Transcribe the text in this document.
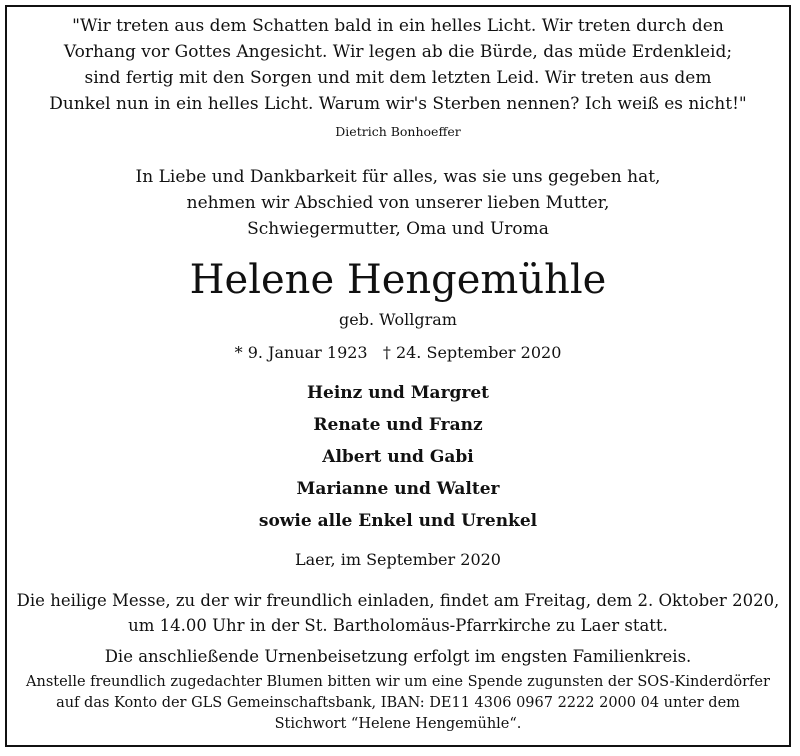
"Wir treten aus dem Schatten bald in ein helles Licht. Wir treten durch den
Vorhang vor Gottes Angesicht. Wir legen ab die Bürde, das müde Erdenkleid;
sind fertig mit den Sorgen und mit dem letzten Leid. Wir treten aus dem
Dunkel nun in ein helles Licht. Warum wir's Sterben nennen? Ich weiß es nicht!"
Dietrich Bonhoeffer
In Liebe und Dankbarkeit für alles, was sie uns gegeben hat,
nehmen wir Abschied von unserer lieben Mutter,
Schwiegermutter, Oma und Uroma
Helene Hengemühle
geb. Wollgram
* 9. Januar 1923   † 24. September 2020
Heinz und Margret
Renate und Franz
Albert und Gabi
Marianne und Walter
sowie alle Enkel und Urenkel
Laer, im September 2020
Die heilige Messe, zu der wir freundlich einladen, findet am Freitag, dem 2. Oktober 2020,
um 14.00 Uhr in der St. Bartholomäus-Pfarrkirche zu Laer statt.
Die anschließende Urnenbeisetzung erfolgt im engsten Familienkreis.
Anstelle freundlich zugedachter Blumen bitten wir um eine Spende zugunsten der SOS-Kinderdörfer
auf das Konto der GLS Gemeinschaftsbank, IBAN: DE11 4306 0967 2222 2000 04 unter dem
Stichwort “Helene Hengemühle“.
